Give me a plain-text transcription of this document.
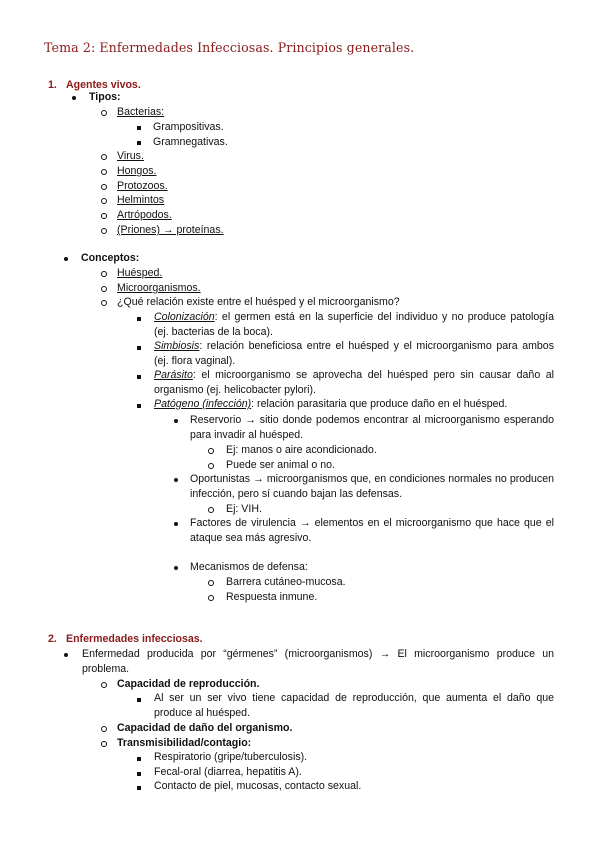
Tema 2: Enfermedades Infecciosas. Principios generales.
1. Agentes vivos.
Tipos:
Bacterias:
Grampositivas.
Gramnegativas.
Virus.
Hongos.
Protozoos.
Helmintos
Artrópodos.
(Priones) → proteínas.
Conceptos:
Huésped.
Microorganismos.
¿Qué relación existe entre el huésped y el microorganismo?
Colonización: el germen está en la superficie del individuo y no produce patología (ej. bacterias de la boca).
Simbiosis: relación beneficiosa entre el huésped y el microorganismo para ambos (ej. flora vaginal).
Parásito: el microorganismo se aprovecha del huésped pero sin causar daño al organismo (ej. helicobacter pylori).
Patógeno (infección): relación parasitaria que produce daño en el huésped.
Reservorio → sitio donde podemos encontrar al microorganismo esperando para invadir al huésped.
Ej: manos o aire acondicionado.
Puede ser animal o no.
Oportunistas → microorganismos que, en condiciones normales no producen infección, pero sí cuando bajan las defensas.
Ej: VIH.
Factores de virulencia → elementos en el microorganismo que hace que el ataque sea más agresivo.
Mecanismos de defensa:
Barrera cutáneo-mucosa.
Respuesta inmune.
2. Enfermedades infecciosas.
Enfermedad producida por “gérmenes” (microorganismos) → El microorganismo produce un problema.
Capacidad de reproducción.
Al ser un ser vivo tiene capacidad de reproducción, que aumenta el daño que produce al huésped.
Capacidad de daño del organismo.
Transmisibilidad/contagio:
Respiratorio (gripe/tuberculosis).
Fecal-oral (diarrea, hepatitis A).
Contacto de piel, mucosas, contacto sexual.
